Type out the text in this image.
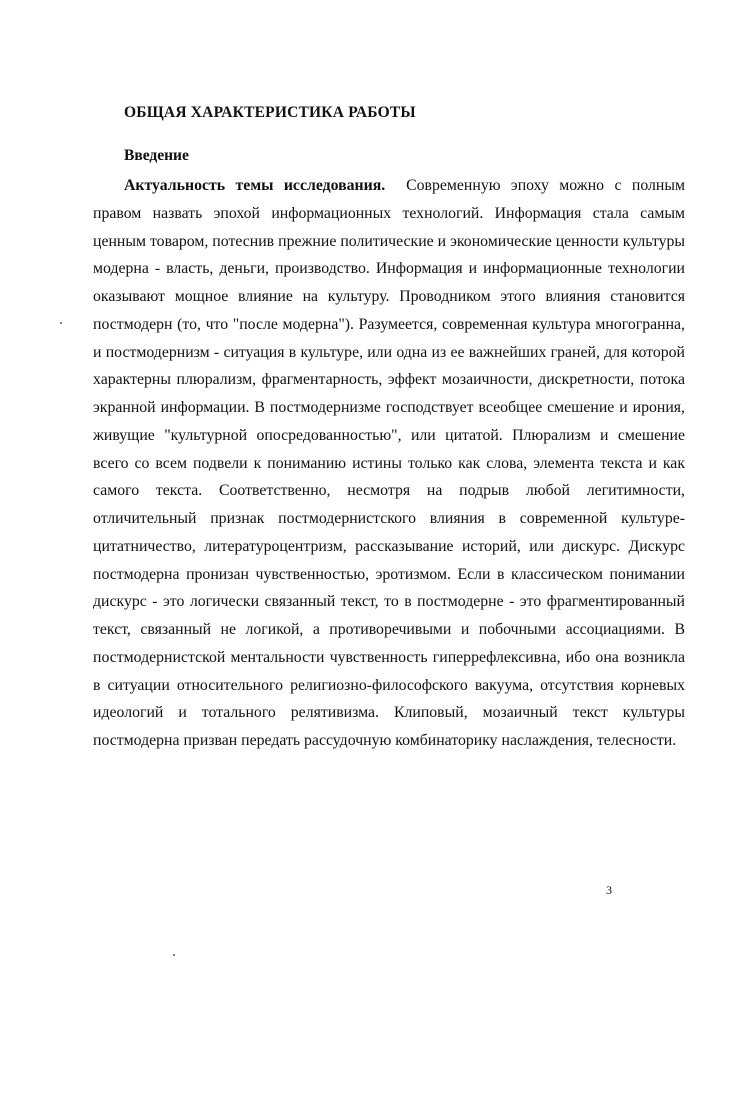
ОБЩАЯ ХАРАКТЕРИСТИКА РАБОТЫ
Введение

Актуальность темы исследования. Современную эпоху можно с полным правом назвать эпохой информационных технологий. Информация стала самым ценным товаром, потеснив прежние политические и экономические ценности культуры модерна - власть, деньги, производство. Информация и информационные технологии оказывают мощное влияние на культуру. Проводником этого влияния становится постмодерн (то, что "после модерна"). Разумеется, современная культура многогранна, и постмодернизм - ситуация в культуре, или одна из ее важнейших граней, для которой характерны плюрализм, фрагментарность, эффект мозаичности, дискретности, потока экранной информации. В постмодернизме господствует всеобщее смешение и ирония, живущие "культурной опосредованностью", или цитатой. Плюрализм и смешение всего со всем подвели к пониманию истины только как слова, элемента текста и как самого текста. Соответственно, несмотря на подрыв любой легитимности, отличительный признак постмодернистского влияния в современной культуре- цитатничество, литературоцентризм, рассказывание историй, или дискурс. Дискурс постмодерна пронизан чувственностью, эротизмом. Если в классическом понимании дискурс - это логически связанный текст, то в постмодерне - это фрагментированный текст, связанный не логикой, а противоречивыми и побочными ассоциациями. В постмодернистской ментальности чувственность гиперрефлексивна, ибо она возникла в ситуации относительного религиозно-философского вакуума, отсутствия корневых идеологий и тотального релятивизма. Клиповый, мозаичный текст культуры постмодерна призван передать рассудочную комбинаторику наслаждения, телесности.

3
